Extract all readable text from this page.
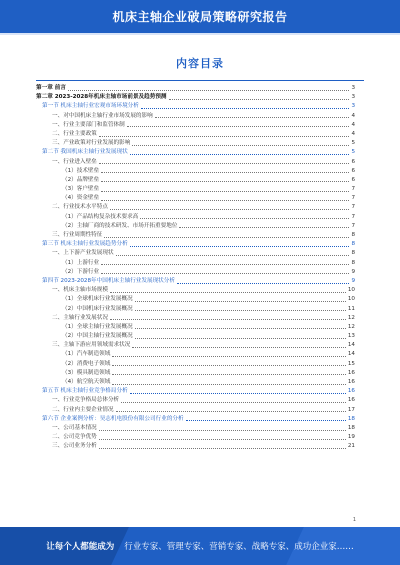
机床主轴企业破局策略研究报告
内容目录
第一章 前言	3
第二章 2023-2028年机床主轴市场前景及趋势预测	3
第一节 机床主轴行业宏观市场环境分析	3
一、对中国机床主轴行业市场发展的影响	4
一、行业主要部门和监管体制	4
二、行业主要政策	4
三、产业政策对行业发展的影响	5
第二节 我国机床主轴行业发展现状	5
一、行业进入壁垒	6
（1）技术壁垒	6
（2）品牌壁垒	6
（3）客户壁垒	7
（4）资金壁垒	7
二、行业技术水平特点	7
（1）产品结构复杂技术要求高	7
（2）主轴厂商的技术研发、市场开拓重要地位	7
三、行业周期性特征	8
第三节 机床主轴行业发展趋势分析	8
一、上下游产业发展现状	8
（1）上游行业	8
（2）下游行业	9
第四节 2023-2028年中国机床主轴行业发展现状分析	9
一、机床主轴市场规模	10
（1）全球机床行业发展概况	10
（2）中国机床行业发展概况	11
二、主轴行业发展状况	12
（1）全球主轴行业发展概况	12
（2）中国主轴行业发展概况	13
三、主轴下游应用领域需求状况	14
（1）汽车制造领域	14
（2）消费电子领域	15
（3）模具制造领域	16
（4）航空航天领域	16
第五节 机床主轴行业竞争格局分析	16
一、行业竞争格局总体分析	16
二、行业内主要企业情况	17
第六节 企业案例分析：昊志机电股份有限公司行业的分析	18
一、公司基本情况	18
二、公司竞争优势	19
三、公司业务分析	21
1
让每个人都能成为 行业专家、管理专家、营销专家、战略专家、成功企业家……
